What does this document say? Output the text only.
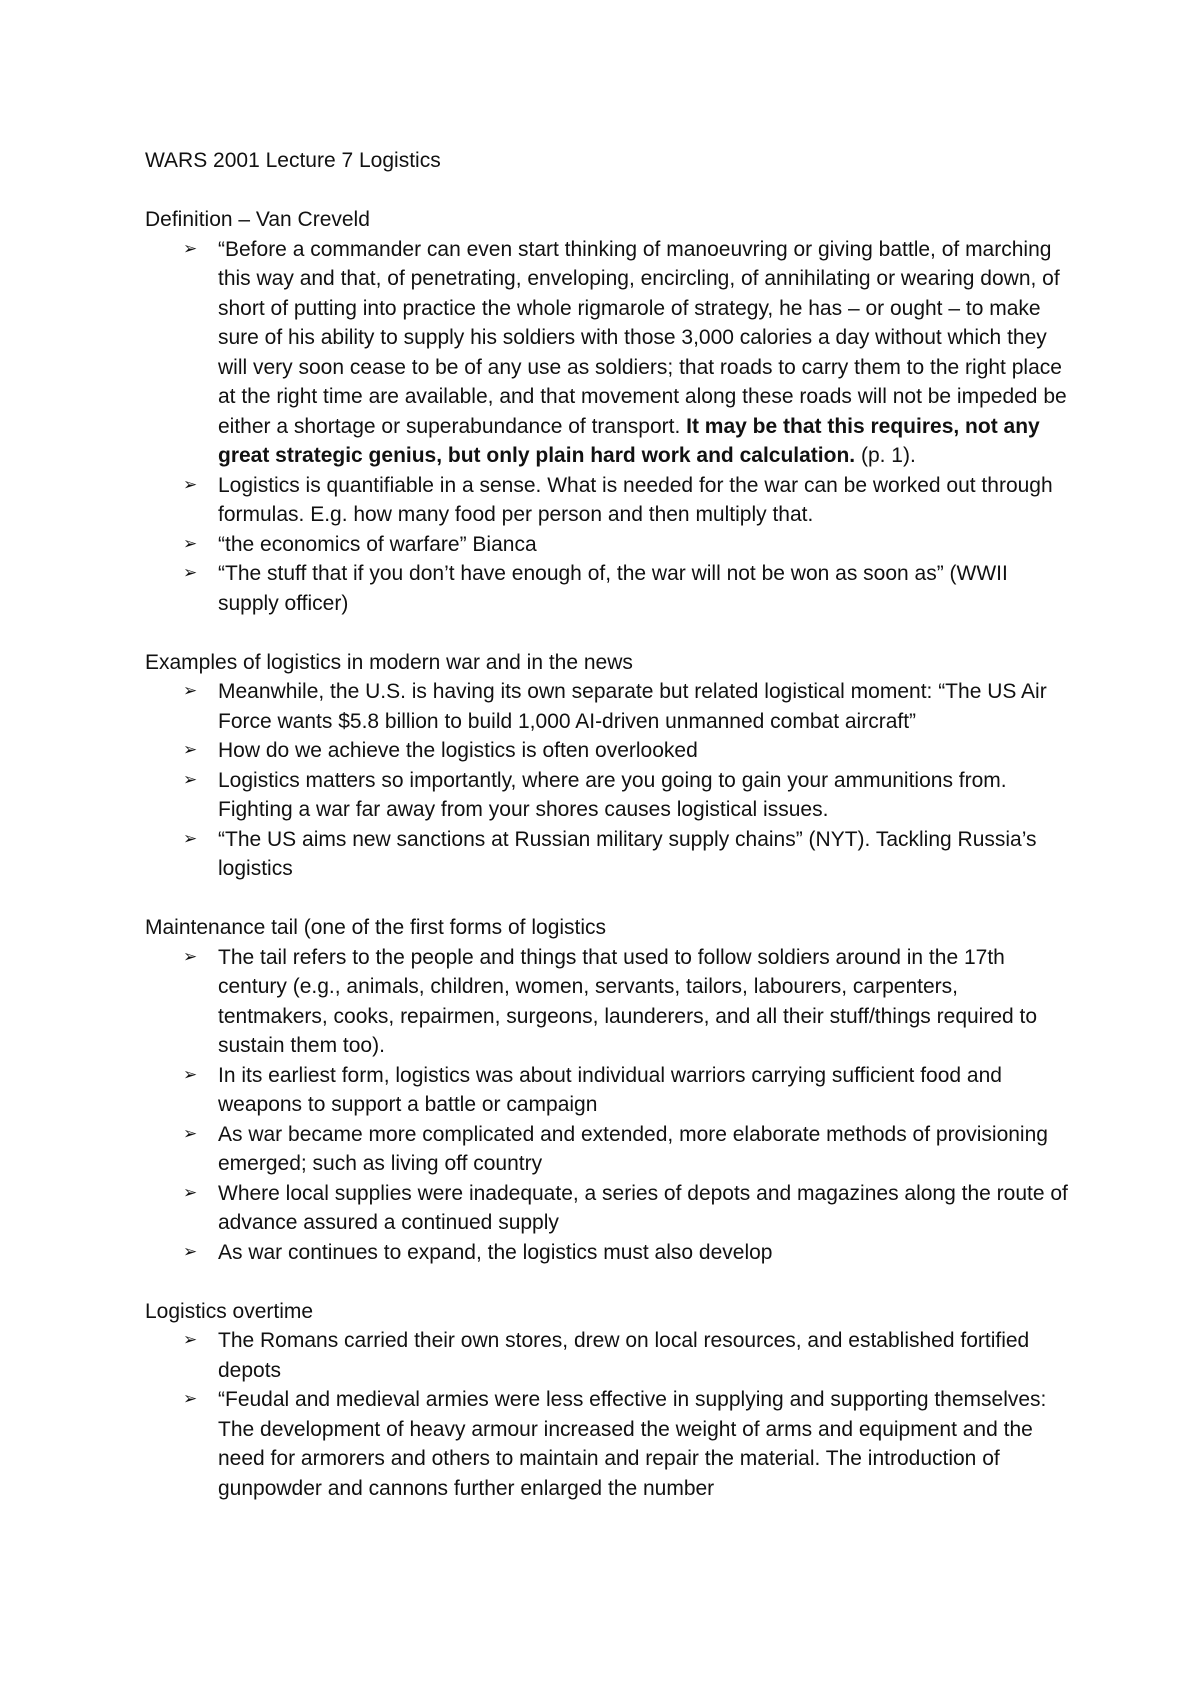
WARS 2001 Lecture 7 Logistics

Definition – Van Creveld

➢ “Before a commander can even start thinking of manoeuvring or giving battle, of marching this way and that, of penetrating, enveloping, encircling, of annihilating or wearing down, of short of putting into practice the whole rigmarole of strategy, he has – or ought – to make sure of his ability to supply his soldiers with those 3,000 calories a day without which they will very soon cease to be of any use as soldiers; that roads to carry them to the right place at the right time are available, and that movement along these roads will not be impeded be either a shortage or superabundance of transport. It may be that this requires, not any great strategic genius, but only plain hard work and calculation. (p. 1).
➢ Logistics is quantifiable in a sense. What is needed for the war can be worked out through formulas. E.g. how many food per person and then multiply that.
➢ “the economics of warfare” Bianca
➢ “The stuff that if you don’t have enough of, the war will not be won as soon as” (WWII supply officer)

Examples of logistics in modern war and in the news

➢ Meanwhile, the U.S. is having its own separate but related logistical moment: “The US Air Force wants $5.8 billion to build 1,000 AI-driven unmanned combat aircraft”
➢ How do we achieve the logistics is often overlooked
➢ Logistics matters so importantly, where are you going to gain your ammunitions from. Fighting a war far away from your shores causes logistical issues.
➢ “The US aims new sanctions at Russian military supply chains” (NYT). Tackling Russia’s logistics

Maintenance tail (one of the first forms of logistics

➢ The tail refers to the people and things that used to follow soldiers around in the 17th century (e.g., animals, children, women, servants, tailors, labourers, carpenters, tentmakers, cooks, repairmen, surgeons, launderers, and all their stuff/things required to sustain them too).
➢ In its earliest form, logistics was about individual warriors carrying sufficient food and weapons to support a battle or campaign
➢ As war became more complicated and extended, more elaborate methods of provisioning emerged; such as living off country
➢ Where local supplies were inadequate, a series of depots and magazines along the route of advance assured a continued supply
➢ As war continues to expand, the logistics must also develop

Logistics overtime

➢ The Romans carried their own stores, drew on local resources, and established fortified depots
➢ “Feudal and medieval armies were less effective in supplying and supporting themselves: The development of heavy armour increased the weight of arms and equipment and the need for armorers and others to maintain and repair the material. The introduction of gunpowder and cannons further enlarged the number
